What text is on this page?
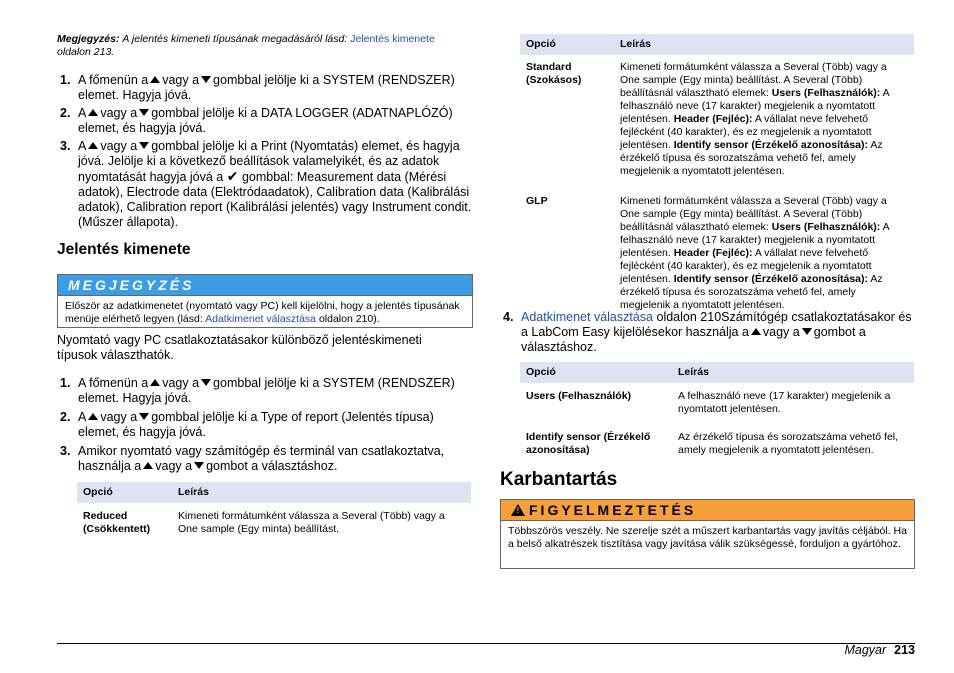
Megjegyzés: A jelentés kimeneti típusának megadásáról lásd: Jelentés kimenete
oldalon 213.

1. A főmenün a vagy a gombbal jelölje ki a SYSTEM (RENDSZER) elemet. Hagyja jóvá.

2. A vagy a gombbal jelölje ki a DATA LOGGER (ADATNAPLÓZÓ) elemet, és hagyja jóvá.

3. A vagy a gombbal jelölje ki a Print (Nyomtatás) elemet, és hagyja jóvá. Jelölje ki a következő beállítások valamelyikét, és az adatok nyomtatását hagyja jóvá a ✔ gombbal: Measurement data (Mérési adatok), Electrode data (Elektródaadatok), Calibration data (Kalibrálási adatok), Calibration report (Kalibrálási jelentés) vagy Instrument condit. (Műszer állapota).

Jelentés kimenete
MEGJEGYZÉS
Először az adatkimenetet (nyomtató vagy PC) kell kijelölni, hogy a jelentés típusának menüje elérhető legyen (lásd: Adatkimenet választása oldalon 210).
Nyomtató vagy PC csatlakoztatásakor különböző jelentéskimeneti típusok választhatók.

1. A főmenün a vagy a gombbal jelölje ki a SYSTEM (RENDSZER) elemet. Hagyja jóvá.

2. A vagy a gombbal jelölje ki a Type of report (Jelentés típusa) elemet, és hagyja jóvá.

3. Amikor nyomtató vagy számítógép és terminál van csatlakoztatva, használja a vagy a gombot a választáshoz.

Opció	Leírás
Reduced (Csökkentett)	Kimeneti formátumként válassza a Several (Több) vagy a One sample (Egy minta) beállítást.
Opció	Leírás
Standard (Szokásos)	Kimeneti formátumként válassza a Several (Több) vagy a One sample (Egy minta) beállítást. A Several (Több) beállításnál választható elemek: Users (Felhasználók): A felhasználó neve (17 karakter) megjelenik a nyomtatott jelentésen. Header (Fejléc): A vállalat neve felvehető fejlécként (40 karakter), és ez megjelenik a nyomtatott jelentésen. Identify sensor (Érzékelő azonosítása): Az érzékelő típusa és sorozatszáma vehető fel, amely megjelenik a nyomtatott jelentésen.
GLP	Kimeneti formátumként válassza a Several (Több) vagy a One sample (Egy minta) beállítást. A Several (Több) beállításnál választható elemek: Users (Felhasználók): A felhasználó neve (17 karakter) megjelenik a nyomtatott jelentésen. Header (Fejléc): A vállalat neve felvehető fejlécként (40 karakter), és ez megjelenik a nyomtatott jelentésen. Identify sensor (Érzékelő azonosítása): Az érzékelő típusa és sorozatszáma vehető fel, amely megjelenik a nyomtatott jelentésen.

4. Adatkimenet választása oldalon 210Számítógép csatlakoztatásakor és a LabCom Easy kijelölésekor használja a vagy a gombot a választáshoz.

Opció	Leírás
Users (Felhasználók)	A felhasználó neve (17 karakter) megjelenik a nyomtatott jelentésen.
Identify sensor (Érzékelő azonosítása)	Az érzékelő típusa és sorozatszáma vehető fel, amely megjelenik a nyomtatott jelentésen.
Karbantartás
! FIGYELMEZTETÉS
Többszörös veszély. Ne szerelje szét a műszert karbantartás vagy javítás céljából. Ha a belső alkatrészek tisztítása vagy javítása válik szükségessé, forduljon a gyártóhoz.
Magyar 213
